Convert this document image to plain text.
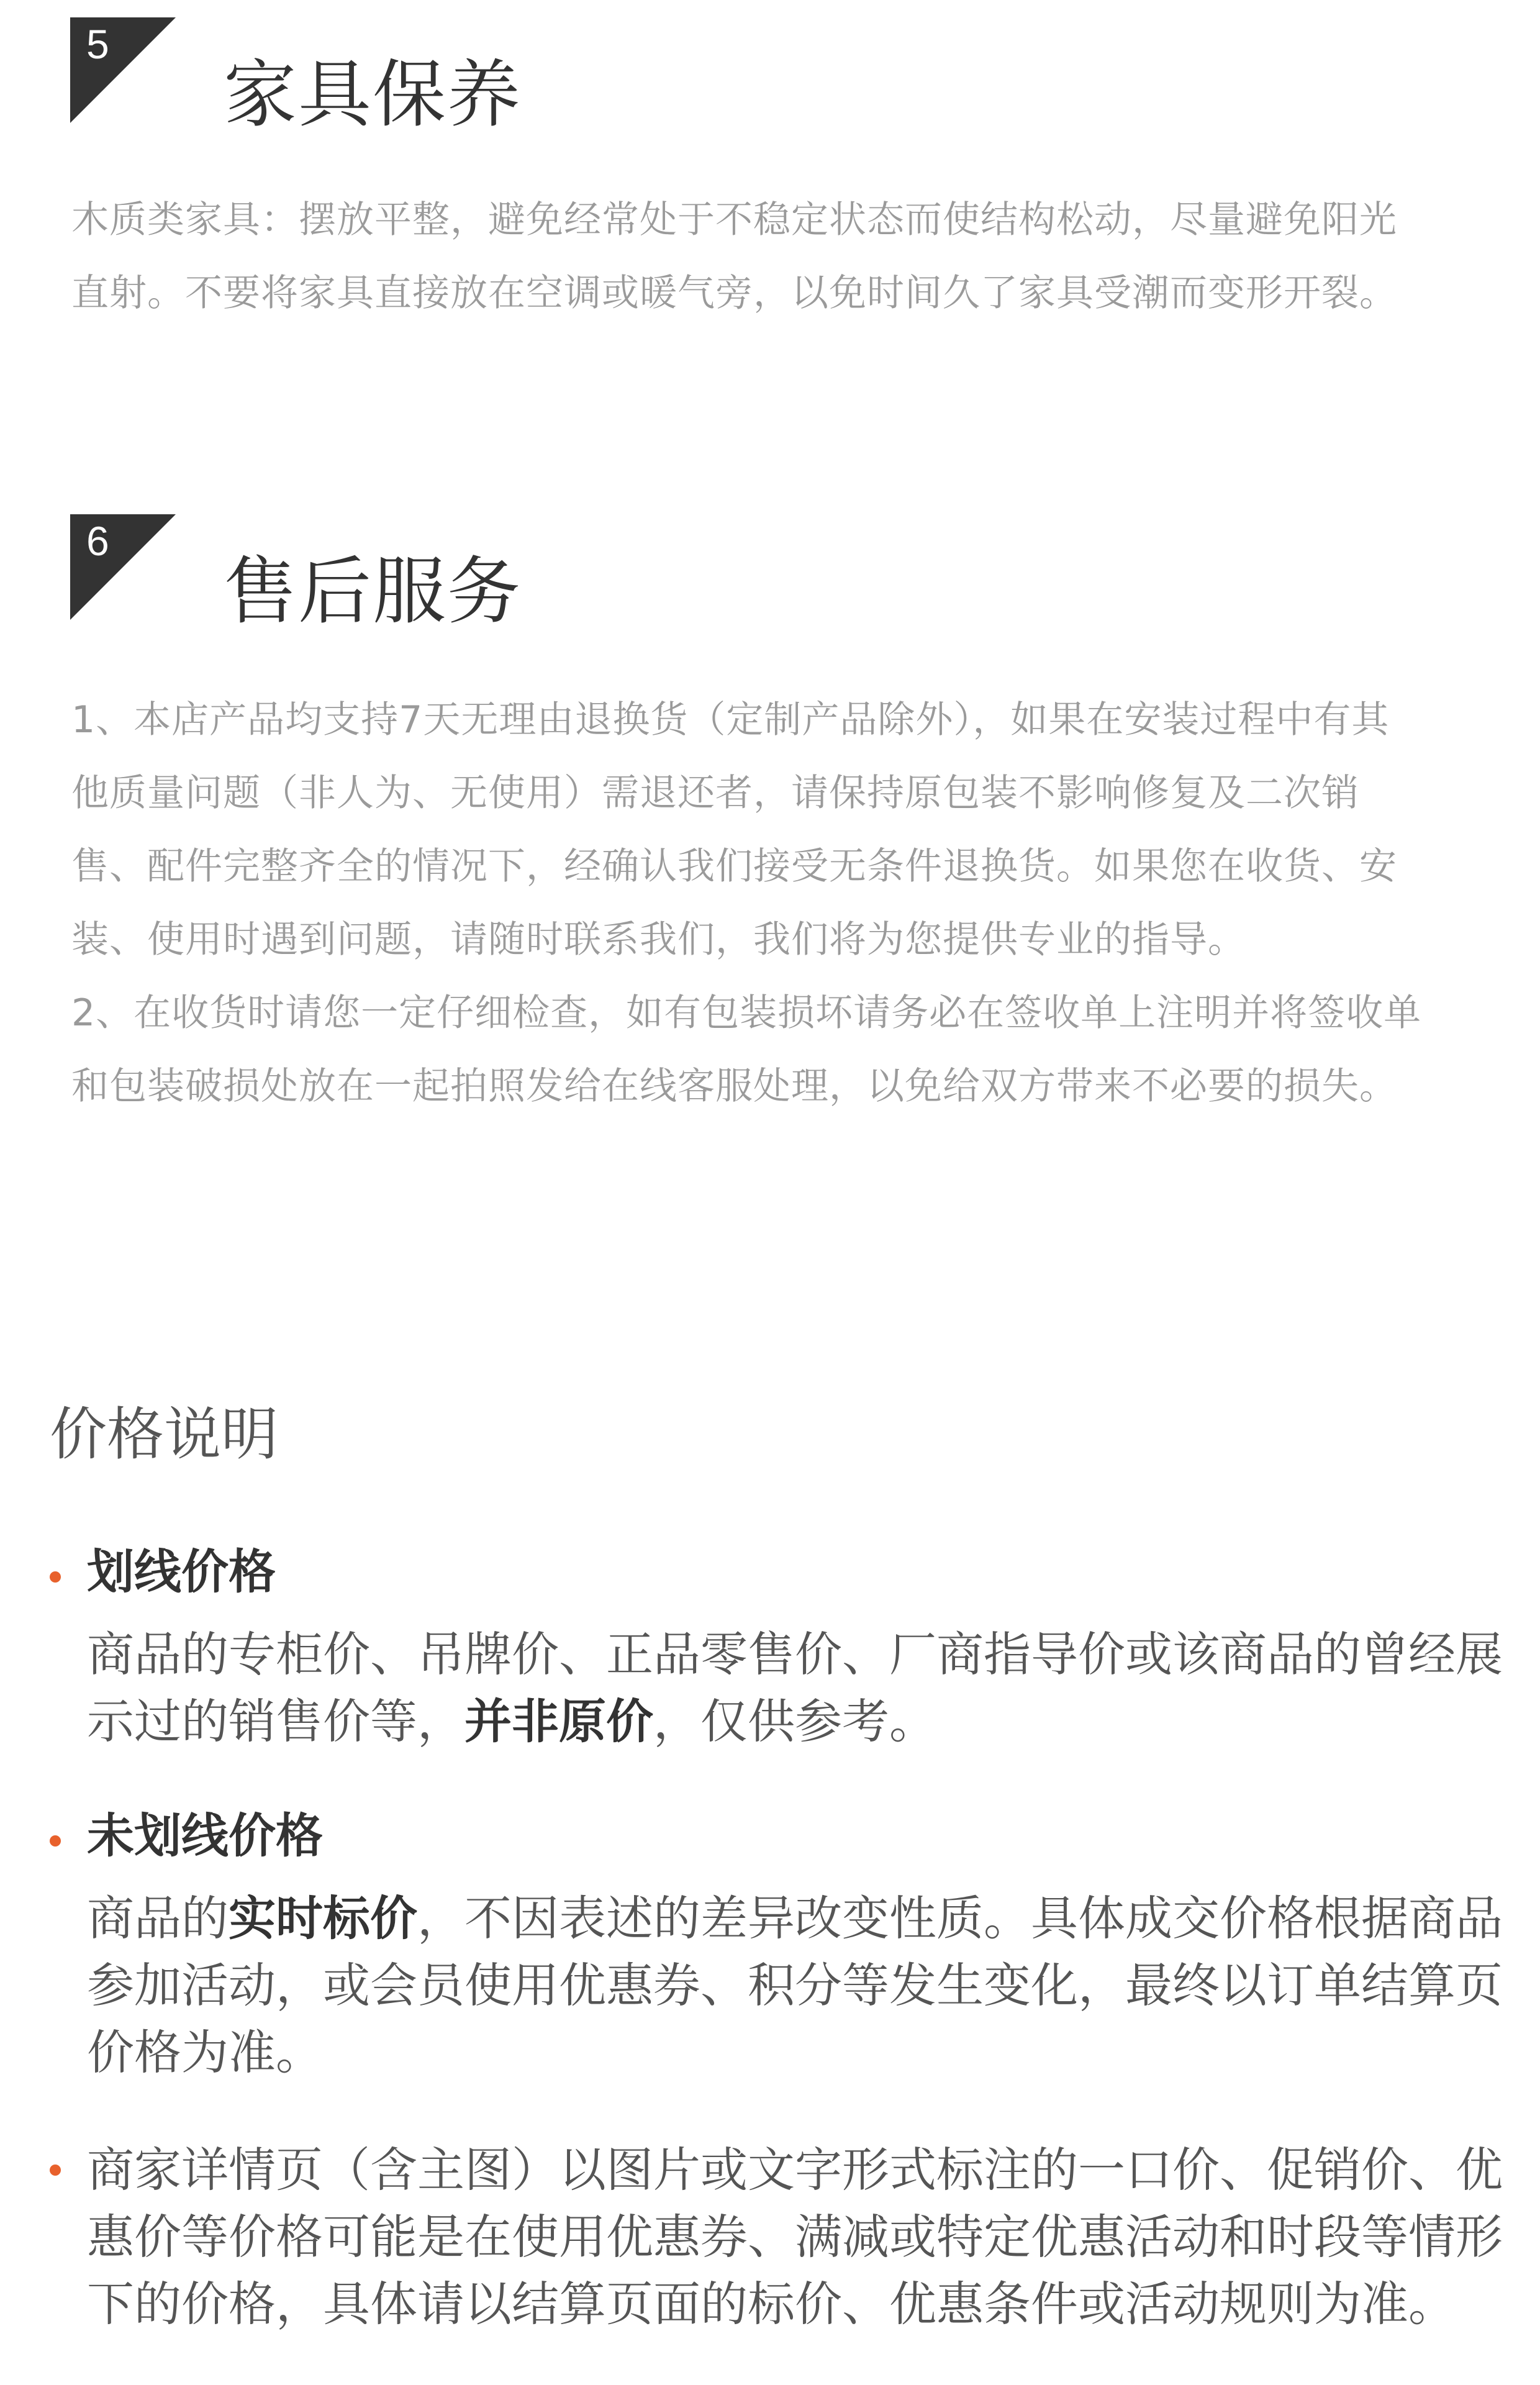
5
家具保养

木质类家具：摆放平整，避免经常处于不稳定状态而使结构松动，尽量避免阳光直射。不要将家具直接放在空调或暖气旁，以免时间久了家具受潮而变形开裂。

6
售后服务

1、本店产品均支持7天无理由退换货（定制产品除外），如果在安装过程中有其他质量问题（非人为、无使用）需退还者，请保持原包装不影响修复及二次销售、配件完整齐全的情况下，经确认我们接受无条件退换货。如果您在收货、安装、使用时遇到问题，请随时联系我们，我们将为您提供专业的指导。

2、在收货时请您一定仔细检查，如有包装损坏请务必在签收单上注明并将签收单和包装破损处放在一起拍照发给在线客服处理，以免给双方带来不必要的损失。

价格说明
划线价格

商品的专柜价、吊牌价、正品零售价、厂商指导价或该商品的曾经展示过的销售价等，并非原价，仅供参考。

未划线价格

商品的实时标价，不因表述的差异改变性质。具体成交价格根据商品参加活动，或会员使用优惠券、积分等发生变化，最终以订单结算页价格为准。

商家详情页（含主图）以图片或文字形式标注的一口价、促销价、优惠价等价格可能是在使用优惠券、满减或特定优惠活动和时段等情形下的价格，具体请以结算页面的标价、优惠条件或活动规则为准。
